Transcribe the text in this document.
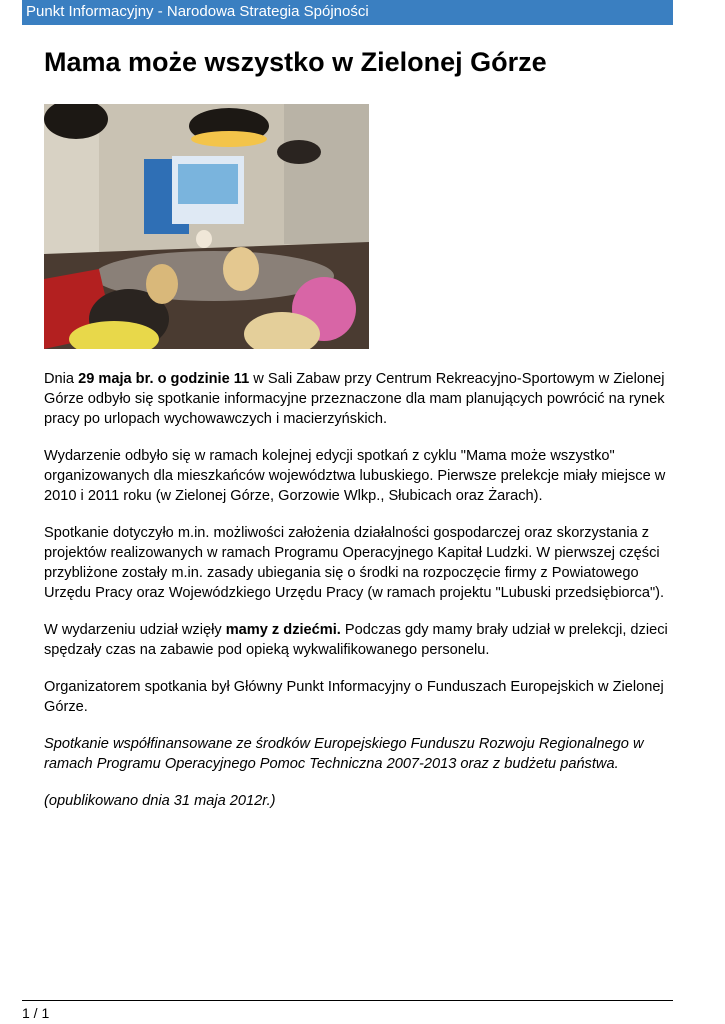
Punkt Informacyjny - Narodowa Strategia Spójności
Mama może wszystko w Zielonej Górze

Dnia 29 maja br. o godzinie 11 w Sali Zabaw przy Centrum Rekreacyjno-Sportowym w Zielonej Górze odbyło się spotkanie informacyjne przeznaczone dla mam planujących powrócić na rynek pracy po urlopach wychowawczych i macierzyńskich.

Wydarzenie odbyło się w ramach kolejnej edycji spotkań z cyklu "Mama może wszystko" organizowanych dla mieszkańców województwa lubuskiego. Pierwsze prelekcje miały miejsce w 2010 i 2011 roku (w Zielonej Górze, Gorzowie Wlkp., Słubicach oraz Żarach).

Spotkanie dotyczyło m.in. możliwości założenia działalności gospodarczej oraz skorzystania z projektów realizowanych w ramach Programu Operacyjnego Kapitał Ludzki. W pierwszej części przybliżone zostały m.in. zasady ubiegania się o środki na rozpoczęcie firmy z Powiatowego Urzędu Pracy oraz Wojewódzkiego Urzędu Pracy (w ramach projektu "Lubuski przedsiębiorca").

W wydarzeniu udział wzięły mamy z dziećmi. Podczas gdy mamy brały udział w prelekcji, dzieci spędzały czas na zabawie pod opieką wykwalifikowanego personelu.

Organizatorem spotkania był Główny Punkt Informacyjny o Funduszach Europejskich w Zielonej Górze.

Spotkanie współfinansowane ze środków Europejskiego Funduszu Rozwoju Regionalnego w ramach Programu Operacyjnego Pomoc Techniczna 2007-2013 oraz z budżetu państwa.

(opublikowano dnia 31 maja 2012r.)

1 / 1
